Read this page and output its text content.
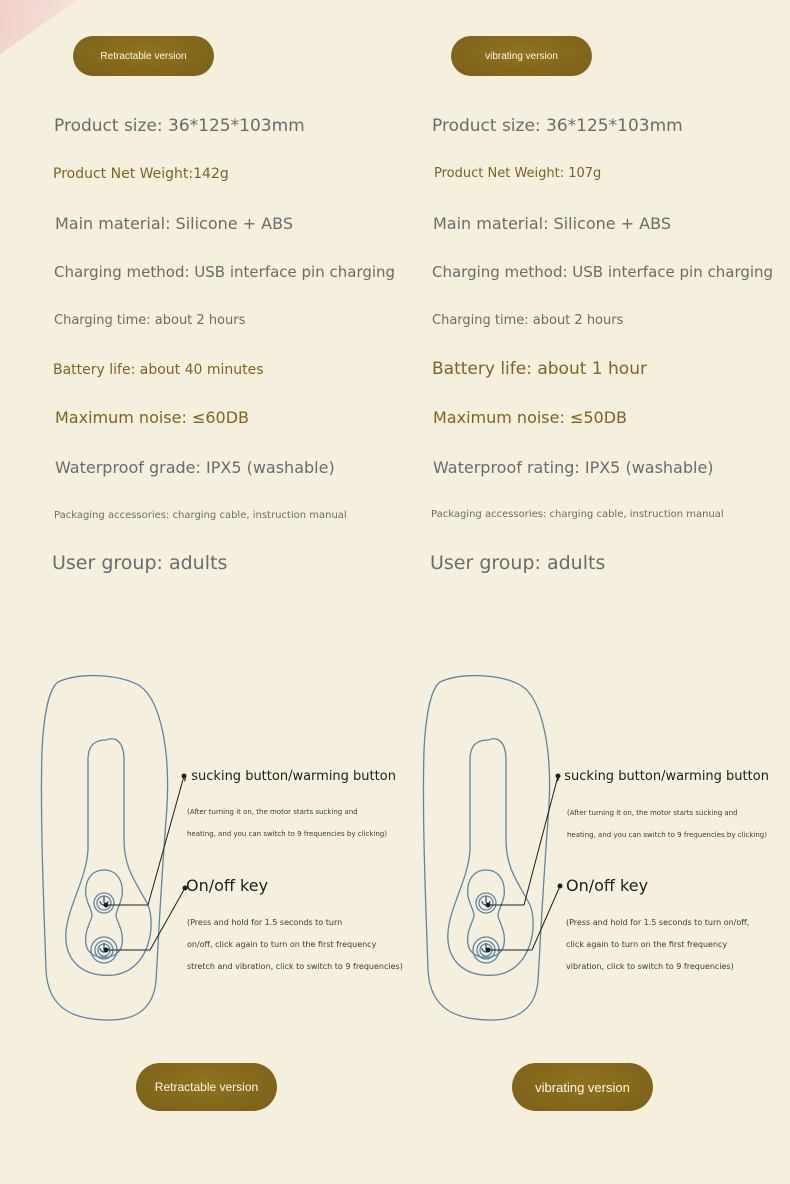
Retractable version	vibrating version
Product size: 36*125*103mm
Product Net Weight:142g
Main material: Silicone + ABS
Charging method: USB interface pin charging
Charging time: about 2 hours
Battery life: about 40 minutes
Maximum noise: ≤60DB
Waterproof grade: IPX5 (washable)
Packaging accessories: charging cable, instruction manual
User group: adults
Product size: 36*125*103mm
Product Net Weight: 107g
Main material: Silicone + ABS
Charging method: USB interface pin charging
Charging time: about 2 hours
Battery life: about 1 hour
Maximum noise: ≤50DB
Waterproof rating: IPX5 (washable)
Packaging accessories: charging cable, instruction manual
User group: adults
, sucking button/warming button
(After turning it on, the motor starts sucking and
heating, and you can switch to 9 frequencies by clicking)
On/off key
(Press and hold for 1.5 seconds to turn
on/off, click again to turn on the first frequency
stretch and vibration, click to switch to 9 frequencies)
, sucking button/warming button
(After turning it on, the motor starts sucking and
heating, and you can switch to 9 frequencies by clicking)
On/off key
(Press and hold for 1.5 seconds to turn on/off,
click again to turn on the first frequency
vibration, click to switch to 9 frequencies)
Retractable version	vibrating version
